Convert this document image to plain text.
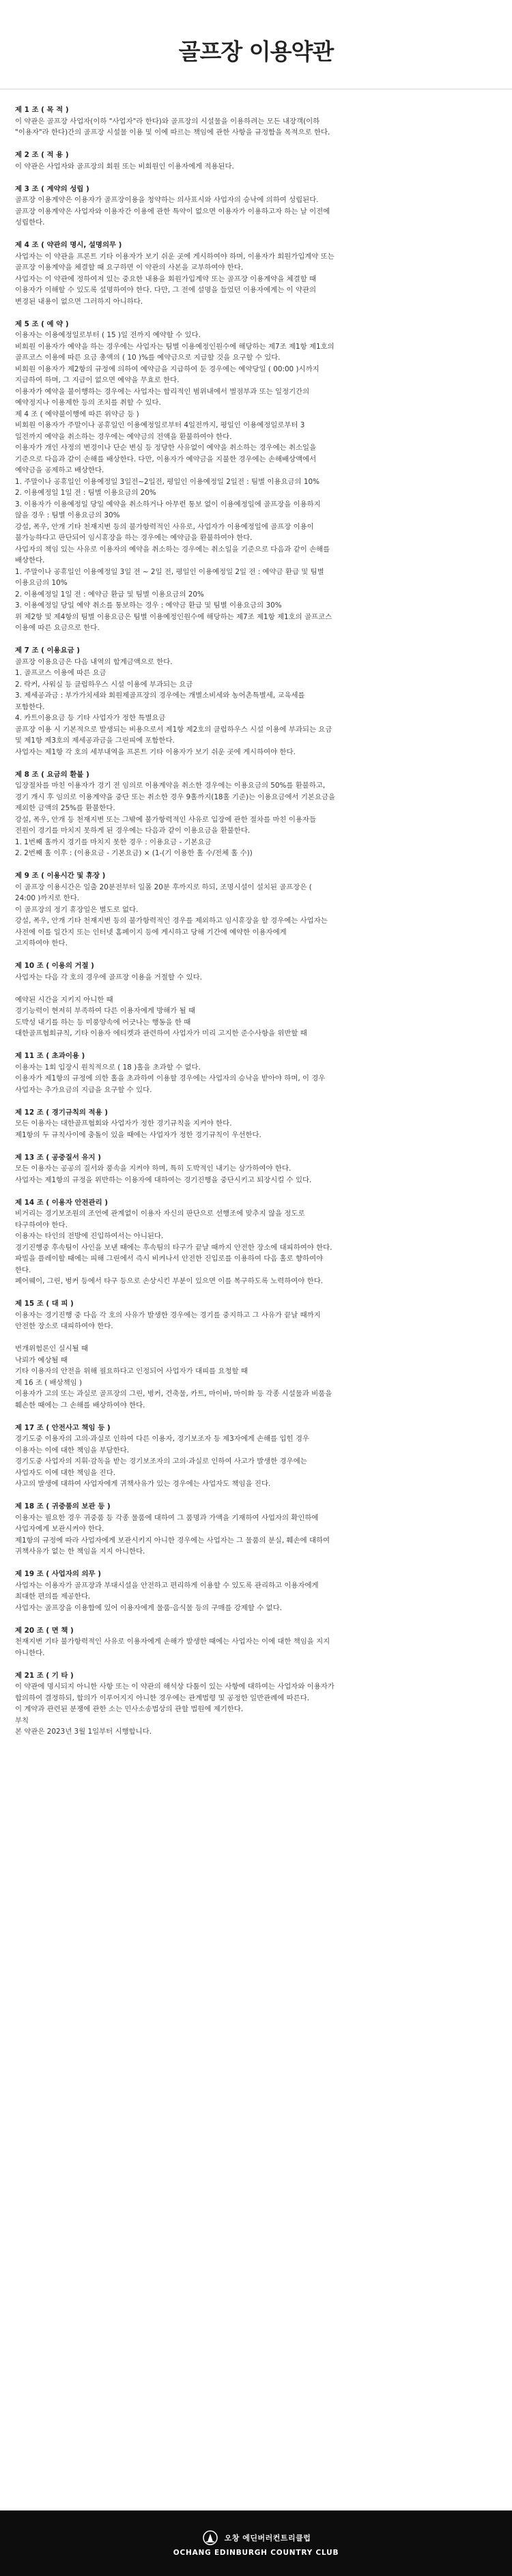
골프장 이용약관
제 1 조 ( 목 적 )
이 약관은 골프장 사업자(이하 "사업자"라 한다)와 골프장의 시설물을 이용하려는 모든 내장객(이하
"이용자"라 한다)간의 골프장 시설물 이용 및 이에 따르는 책임에 관한 사항을 규정함을 목적으로 한다.
제 2 조 ( 적 용 )
이 약관은 사업자와 골프장의 회원 또는 비회원인 이용자에게 적용된다.
제 3 조 ( 계약의 성립 )
골프장 이용계약은 이용자가 골프장이용을 청약하는 의사표시와 사업자의 승낙에 의하여 성립된다.
골프장 이용계약은 사업자와 이용자간 이용에 관한 특약이 없으면 이용자가 이용하고자 하는 날 이전에
성립한다.
제 4 조 ( 약관의 명시, 설명의무 )
사업자는 이 약관을 프론트 기타 이용자가 보기 쉬운 곳에 게시하여야 하며, 이용자가 회원가입계약 또는
골프장 이용계약을 체결할 때 요구하면 이 약관의 사본을 교부하여야 한다.
사업자는 이 약관에 정하여져 있는 중요한 내용을 회원가입계약 또는 골프장 이용계약을 체결할 때
이용자가 이해할 수 있도록 설명하여야 한다. 다만, 그 전에 설명을 들었던 이용자에게는 이 약관의
변경된 내용이 없으면 그러하지 아니하다.
제 5 조 ( 예 약 )
이용자는 이용예정일로부터 ( 15 )일 전까지 예약할 수 있다.
비회원 이용자가 예약을 하는 경우에는 사업자는 팀별 이용예정인원수에 해당하는 제7조 제1항 제1호의
골프코스 이용에 따른 요금 총액의 ( 10 )%를 예약금으로 지급할 것을 요구할 수 있다.
비회원 이용자가 제2항의 규정에 의하여 예약금을 지급하여 둔 경우에는 예약당일 ( 00:00 )시까지
지급하여 하며, 그 지급이 없으면 예약을 무효로 한다.
이용자가 예약을 불이행하는 경우에는 사업자는 합리적인 범위내에서 벌점부과 또는 일정기간의
예약정지나 이용제한 등의 조치를 취할 수 있다.
제 4 조 ( 예약불이행에 따른 위약금 등 )
비회원 이용자가 주말이나 공휴일인 이용예정일로부터 4일전까지, 평일인 이용예정일로부터 3
일전까지 예약을 취소하는 경우에는 예약금의 전액을 환불하여야 한다.
이용자가 개인 사정의 변경이나 단순 변심 등 정당한 사유없이 예약을 취소하는 경우에는 취소일을
기준으로 다음과 같이 손해를 배상한다. 다만, 이용자가 예약금을 지불한 경우에는 손해배상액에서
예약금을 공제하고 배상한다.
1. 주말이나 공휴일인 이용예정일 3일전~2일전, 평일인 이용예정일 2일전 : 팀별 이용요금의 10%
2. 이용예정일 1일 전 : 팀별 이용요금의 20%
3. 이용자가 이용예정일 당일 예약을 취소하거나 아무런 통보 없이 이용예정일에 골프장을 이용하지
않을 경우 : 팀별 이용요금의 30%
강설, 폭우, 안개 기타 천재지변 등의 불가항력적인 사유로, 사업자가 이용예정일에 골프장 이용이
불가능하다고 판단되어 임시휴장을 하는 경우에는 예약금을 환불하여야 한다.
사업자의 책임 있는 사유로 이용자의 예약을 취소하는 경우에는 취소일을 기준으로 다음과 같이 손해를
배상한다.
1. 주말이나 공휴일인 이용예정일 3일 전 ~ 2일 전, 평일인 이용예정일 2일 전 : 예약금 환급 및 팀별
이용요금의 10%
2. 이용예정일 1일 전 : 예약금 환급 및 팀별 이용요금의 20%
3. 이용예정일 당일 예약 취소를 통보하는 경우 : 예약금 환급 및 팀별 이용요금의 30%
위 제2항 및 제4항의 팀별 이용요금은 팀별 이용예정인원수에 해당하는 제7조 제1항 제1호의 골프코스
이용에 따른 요금으로 한다.
제 7 조 ( 이용요금 )
골프장 이용요금은 다음 내역의 합계금액으로 한다.
1. 골프코스 이용에 따른 요금
2. 락커, 사워실 등 클럽하우스 시설 이용에 부과되는 요금
3. 제세공과금 : 부가가치세와 회원제골프장의 경우에는 개별소비세와 농어촌특별세, 교육세를
포함한다.
4. 카트이용요금 등 기타 사업자가 정한 특별요금
골프장 이용 시 기본적으로 발생되는 비용으로서 제1항 제2호의 클럽하우스 시설 이용에 부과되는 요금
및 제1항 제3호의 제세공과금을 그린피에 포함한다.
사업자는 제1항 각 호의 세부내역을 프론트 기타 이용자가 보기 쉬운 곳에 게시하여야 한다.
제 8 조 ( 요금의 환불 )
입장절차를 마친 이용자가 경기 전 임의로 이용계약을 취소한 경우에는 이용요금의 50%를 환불하고,
경기 개시 후 임의로 이용계약을 중단 또는 취소한 경우 9홀까지(18홀 기준)는 이용요금에서 기본요금을
제외한 금액의 25%를 환불한다.
강설, 폭우, 안개 등 천재지변 또는 그밖에 불가항력적인 사유로 입장에 관한 절차를 마친 이용자들
전원이 경기를 마치지 못하게 된 경우에는 다음과 같이 이용요금을 환불한다.
1. 1번째 홀까지 경기를 마치지 못한 경우 : 이용요금 - 기본요금
2. 2번째 홀 이후 : (이용요금 - 기본요금) × (1-(기 이용한 홀 수/전체 홀 수))
제 9 조 ( 이용시간 및 휴장 )
이 골프장 이용시간은 일출 20분전부터 일몰 20분 후까지로 하되, 조명시설이 설치된 골프장은 (
24:00 )까지로 한다.
이 골프장의 정기 휴장일은 별도로 없다.
강설, 폭우, 안개 기타 천재지변 등의 불가항력적인 경우를 제외하고 임시휴장을 할 경우에는 사업자는
사전에 이를 일간지 또는 인터넷 홈페이지 등에 게시하고 당해 기간에 예약한 이용자에게
고지하여야 한다.
제 10 조 ( 이용의 거절 )
사업자는 다음 각 호의 경우에 골프장 이용을 거절할 수 있다.
예약된 시간을 지키지 아니한 때
경기능력이 현저히 부족하여 다른 이용자에게 방해가 될 때
도박성 내기를 하는 등 미풍양속에 어긋나는 행동을 한 때
대한골프협회규칙, 기타 이용자 에티켓과 관련하여 사업자가 미리 고지한 준수사항을 위반할 때
제 11 조 ( 초과이용 )
이용자는 1회 입장시 원칙적으로 ( 18 )홀을 초과할 수 없다.
이용자가 제1항의 규정에 의한 홀을 초과하여 이용할 경우에는 사업자의 승낙을 받아야 하며, 이 경우
사업자는 추가요금의 지급을 요구할 수 있다.
제 12 조 ( 경기규칙의 적용 )
모든 이용자는 대한골프협회와 사업자가 정한 경기규칙을 지켜야 한다.
제1항의 두 규칙사이에 충돌이 있을 때에는 사업자가 정한 경기규칙이 우선한다.
제 13 조 ( 공중질서 유지 )
모든 이용자는 공공의 질서와 풍속을 지켜야 하며, 특히 도박적인 내기는 삼가하여야 한다.
사업자는 제1항의 규정을 위반하는 이용자에 대하여는 경기진행을 중단시키고 퇴장시킬 수 있다.
제 14 조 ( 이용자 안전관리 )
비거리는 경기보조원의 조언에 관계없이 이용자 자신의 판단으로 선행조에 맞추지 않을 정도로
타구하여야 한다.
이용자는 타인의 전방에 진입하여서는 아니된다.
경기진행중 후속팀이 사인을 보낸 때에는 후속팀의 타구가 끝날 때까지 안전한 장소에 대피하여야 한다.
파빌을 플레이할 때에는 피해 그린에서 즉시 비켜나서 안전한 진입로를 이용하여 다음 홀로 향하여야
한다.
페어웨이, 그린, 벙커 등에서 타구 등으로 손상시킨 부분이 있으면 이를 복구하도록 노력하여야 한다.
제 15 조 ( 대 피 )
이용자는 경기진행 중 다음 각 호의 사유가 발생한 경우에는 경기를 중지하고 그 사유가 끝날 때까지
안전한 장소로 대피하여야 한다.
번개위험론인 실시될 때
낙뢰가 예상될 때
기타 이용자의 안전을 위해 필요하다고 인정되어 사업자가 대피를 요청할 때
제 16 조 ( 배상책임 )
이용자가 고의 또는 과실로 골프장의 그린, 벙커, 건축물, 카트, 마이바, 마이화 등 각종 시설물과 비품을
훼손한 때에는 그 손해를 배상하여야 한다.
제 17 조 ( 안전사고 책임 등 )
경기도중 이용자의 고의·과실로 인하여 다른 이용자, 경기보조자 등 제3자에게 손해를 입힌 경우
이용자는 이에 대한 책임을 부담한다.
경기도중 사업자의 지휘·감독을 받는 경기보조자의 고의·과실로 인하여 사고가 발생한 경우에는
사업자도 이에 대한 책임을 진다.
사고의 발생에 대하여 사업자에게 귀책사유가 있는 경우에는 사업자도 책임을 진다.
제 18 조 ( 귀중품의 보관 등 )
이용자는 필요한 경우 귀중품 등 각종 물품에 대하여 그 품명과 가액을 기재하여 사업자의 확인하에
사업자에게 보관시켜야 한다.
제1항의 규정에 따라 사업자에게 보관시키지 아니한 경우에는 사업자는 그 물품의 분실, 훼손에 대하여
귀책사유가 없는 한 책임을 지지 아니한다.
제 19 조 ( 사업자의 의무 )
사업자는 이용자가 골프장과 부대시설을 안전하고 편리하게 이용할 수 있도록 관리하고 이용자에게
최대한 편의를 제공한다.
사업자는 골프장을 이용함에 있어 이용자에게 물품·음식물 등의 구매를 강제할 수 없다.
제 20 조 ( 면 책 )
천재지변 기타 불가항력적인 사유로 이용자에게 손해가 발생한 때에는 사업자는 이에 대한 책임을 지지
아니한다.
제 21 조 ( 기 타 )
이 약관에 명시되지 아니한 사항 또는 이 약관의 해석상 다툼이 있는 사항에 대하여는 사업자와 이용자가
합의하여 결정하되, 합의가 이루어지지 아니한 경우에는 관계법령 및 공정한 일반관례에 따른다.
이 계약과 관련된 분쟁에 관한 소는 민사소송법상의 관할 법원에 제기한다.
부칙
본 약관은 2023년 3월 1일부터 시행합니다.
오창 에딘버러컨트리클럽
OCHANG EDINBURGH COUNTRY CLUB
